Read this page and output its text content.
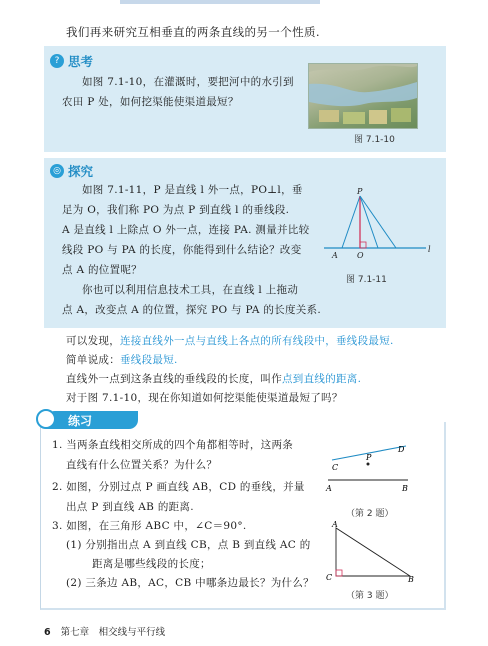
我们再来研究互相垂直的两条直线的另一个性质.
? 思考
如图 7.1-10，在灌溉时，要把河中的水引到
农田 P 处，如何挖渠能使渠道最短？
图 7.1-10
◎ 探究
如图 7.1-11，P 是直线 l 外一点，PO⊥l，垂
足为 O，我们称 PO 为点 P 到直线 l 的垂线段.
A 是直线 l 上除点 O 外一点，连接 PA. 测量并比较
线段 PO 与 PA 的长度，你能得到什么结论？改变
点 A 的位置呢？
你也可以利用信息技术工具，在直线 l 上拖动
点 A，改变点 A 的位置，探究 PO 与 PA 的长度关系.
P
A O
l
图 7.1-11
可以发现，连接直线外一点与直线上各点的所有线段中，垂线段最短.
简单说成：垂线段最短.
直线外一点到这条直线的垂线段的长度，叫作点到直线的距离.
对于图 7.1-10，现在你知道如何挖渠能使渠道最短了吗？
练习
1. 当两条直线相交所成的四个角都相等时，这两条
直线有什么位置关系？为什么？
2. 如图，分别过点 P 画直线 AB，CD 的垂线，并量
出点 P 到直线 AB 的距离.
3. 如图，在三角形 ABC 中，∠C＝90°.
(1) 分别指出点 A 到直线 CB，点 B 到直线 AC 的
距离是哪些线段的长度；
(2) 三条边 AB，AC，CB 中哪条边最长？为什么？
D
P
C
A	B
（第 2 题）
A
C	B
（第 3 题）
6 第七章　相交线与平行线
